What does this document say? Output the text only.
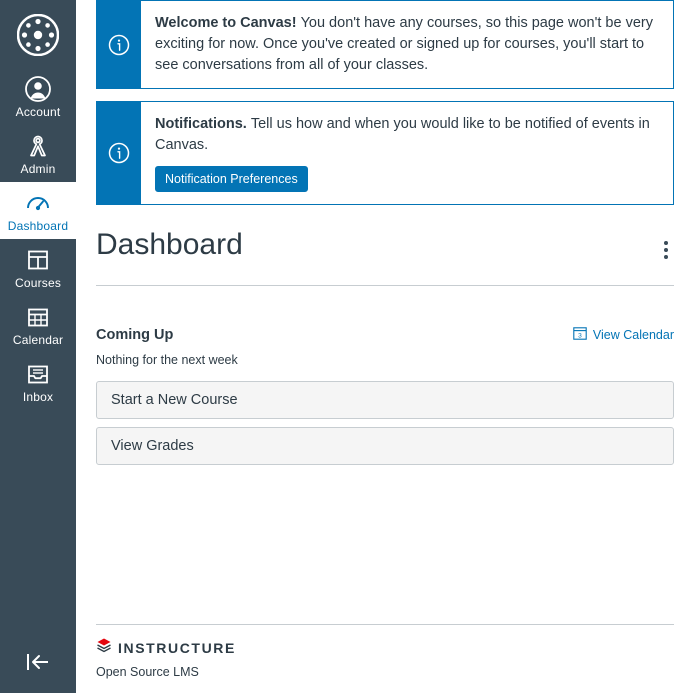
Account
Admin
Dashboard
Courses
Calendar
Inbox
Welcome to Canvas! You don't have any courses, so this page won't be very exciting for now. Once you've created or signed up for courses, you'll start to see conversations from all of your classes.
Notifications. Tell us how and when you would like to be notified of events in Canvas.
Notification Preferences
Dashboard
Coming Up	3 View Calendar
Nothing for the next week
Start a New Course
View Grades
INSTRUCTURE
Open Source LMS
